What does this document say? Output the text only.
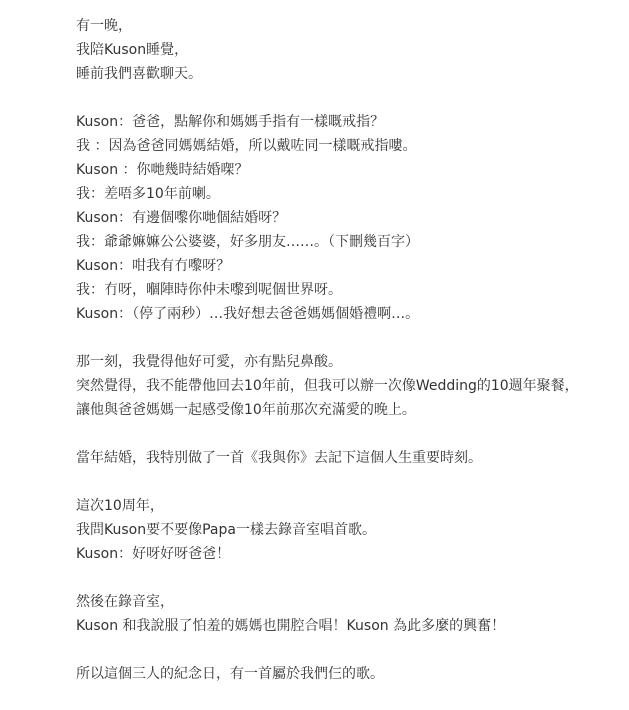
有一晚，
我陪Kuson睡覺，
睡前我們喜歡聊天。
Kuson：爸爸，點解你和媽媽手指有一樣嘅戒指？
我 ：因為爸爸同媽媽結婚，所以戴咗同一樣嘅戒指嘍。
Kuson ：你哋幾時結婚㗎？
我：差唔多10年前喇。
Kuson：有邊個嚟你哋個結婚呀？
我：爺爺嫲嫲公公婆婆，好多朋友……。（下刪幾百字）
Kuson：咁我有冇嚟呀？
我：冇呀，嗰陣時你仲未嚟到呢個世界呀。
Kuson：（停了兩秒）…我好想去爸爸媽媽個婚禮啊…。
那一刻，我覺得他好可愛，亦有點兒鼻酸。
突然覺得，我不能帶他回去10年前，但我可以辦一次像Wedding的10週年聚餐，
讓他與爸爸媽媽一起感受像10年前那次充滿愛的晚上。
當年結婚，我特別做了一首《我與你》去記下這個人生重要時刻。
這次10周年，
我問Kuson要不要像Papa一樣去錄音室唱首歌。
Kuson：好呀好呀爸爸！
然後在錄音室，
Kuson 和我說服了怕羞的媽媽也開腔合唱！Kuson 為此多麼的興奮！
所以這個三人的紀念日，有一首屬於我們仨的歌。
